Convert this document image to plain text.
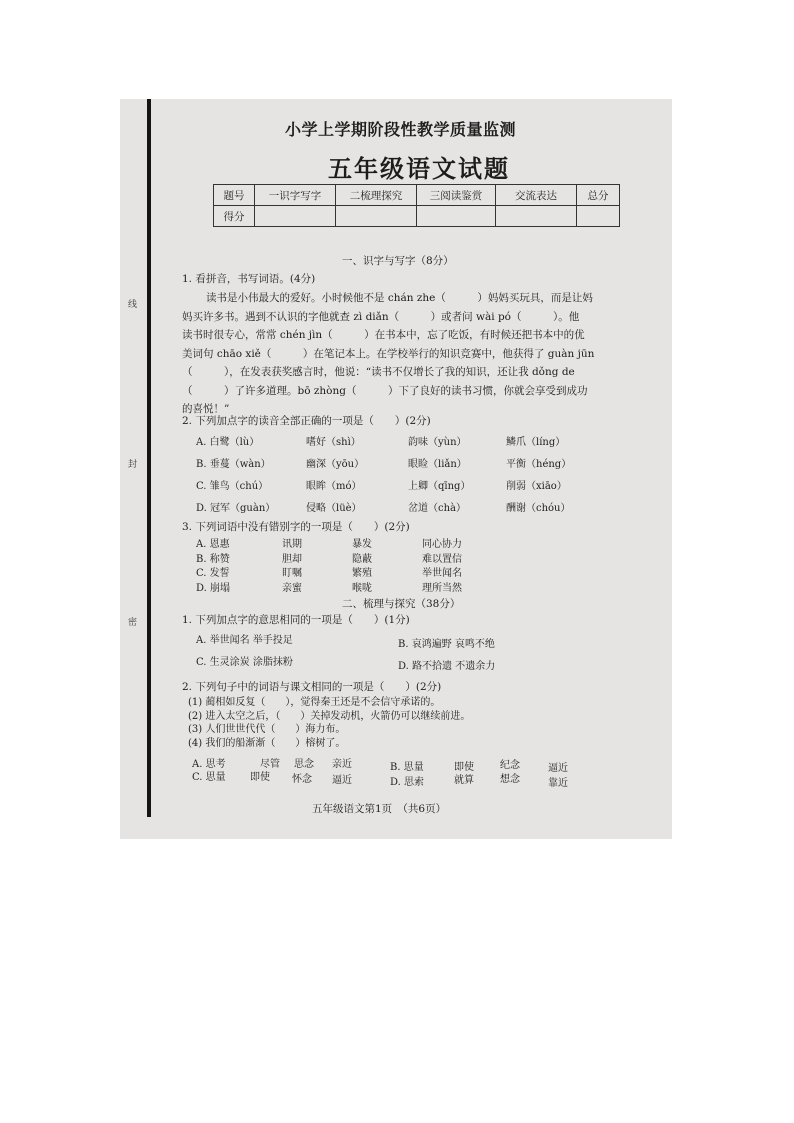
线
封
密
小学上学期阶段性教学质量监测
五年级语文试题
题号	一识字写字	二梳理探究	三阅读鉴赏	交流表达	总分
得分					
一、识字与写字（8分）
1. 看拼音，书写词语。(4分)
读书是小伟最大的爱好。小时候他不是 chán zhe（　　　）妈妈买玩具，而是让妈
妈买许多书。遇到不认识的字他就查 zì diǎn（　　　）或者问 wài pó（　　　）。他
读书时很专心，常常 chén jìn（　　　）在书本中，忘了吃饭，有时候还把书本中的优
美词句 chāo xiě（　　　）在笔记本上。在学校举行的知识竞赛中，他获得了 guàn jūn
（　　　），在发表获奖感言时，他说：“读书不仅增长了我的知识，还让我 dǒng de
（　　　）了许多道理。bō zhòng（　　　）下了良好的读书习惯，你就会享受到成功
的喜悦！”
2. 下列加点字的读音全部正确的一项是（　　）(2分)
A. 白鹭（lù）	嗜好（shì）	韵味（yùn）	鳞爪（líng）
B. 垂蔓（wàn）	幽深（yōu）	眼睑（liǎn）	平衡（héng）
C. 雏鸟（chú）	眼眸（mó）	上卿（qīng）	削弱（xiāo）
D. 冠军（guàn）	侵略（lüè）	岔道（chà）	酬谢（chóu）
3. 下列词语中没有错别字的一项是（　　）(2分)
A. 恩惠	讯期	暴发	同心协力
B. 称赞	胆却	隐蔽	难以置信
C. 发誓	盯嘱	繁殖	举世闻名
D. 崩塌	亲蜜	喉咙	理所当然
二、梳理与探究（38分）
1. 下列加点字的意思相同的一项是（　　）(1分)
A. 举世闻名 举手投足	B. 哀鸿遍野 哀鸣不绝
C. 生灵涂炭 涂脂抹粉	D. 路不拾遗 不遗余力
2. 下列句子中的词语与课文相同的一项是（　　）(2分)
(1) 蔺相如反复（　　），觉得秦王还是不会信守承诺的。
(2) 进入太空之后，（　　）关掉发动机，火箭仍可以继续前进。
(3) 人们世世代代（　　）海力布。
(4) 我们的船渐渐（　　）榕树了。
A. 思考	尽管 思念 亲近	B. 思量	即使	纪念	逼近
C. 思量 即使 怀念 逼近	D. 思索	就算	想念	靠近
五年级语文第1页　（共6页）
